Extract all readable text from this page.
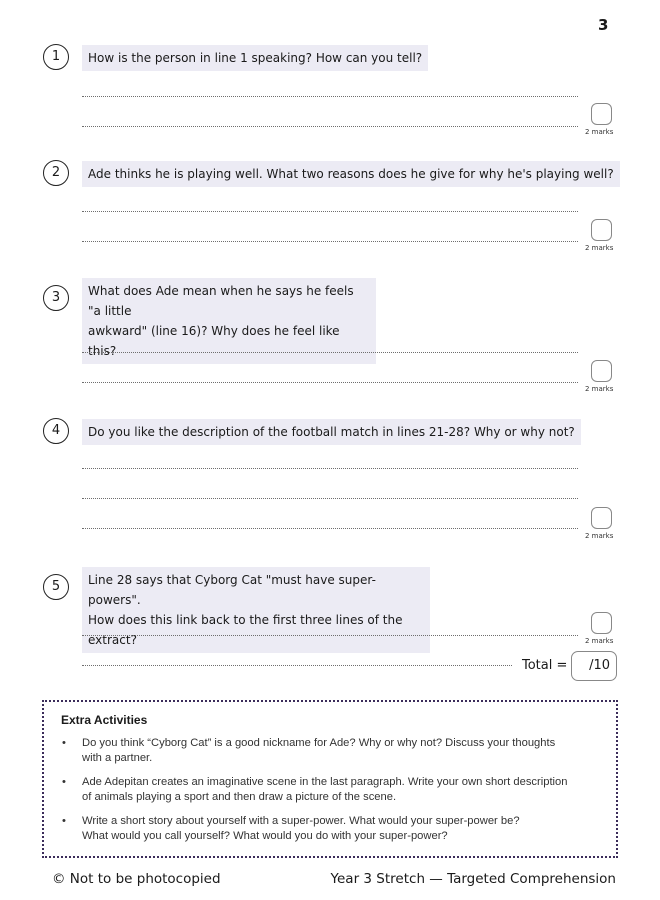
3
1	How is the person in line 1 speaking? How can you tell?
2 marks
2	Ade thinks he is playing well. What two reasons does he give for why he's playing well?
2 marks
3	What does Ade mean when he says he feels "a little
awkward" (line 16)? Why does he feel like this?
2 marks
4	Do you like the description of the football match in lines 21-28? Why or why not?
2 marks
5	Line 28 says that Cyborg Cat "must have super-powers".
How does this link back to the first three lines of the extract?	2 marks
Total = /10
Extra Activities
• Do you think “Cyborg Cat” is a good nickname for Ade? Why or why not? Discuss your thoughts
with a partner.
• Ade Adepitan creates an imaginative scene in the last paragraph. Write your own short description
of animals playing a sport and then draw a picture of the scene.
• Write a short story about yourself with a super-power. What would your super-power be?
What would you call yourself? What would you do with your super-power?
© Not to be photocopied	Year 3 Stretch — Targeted Comprehension
